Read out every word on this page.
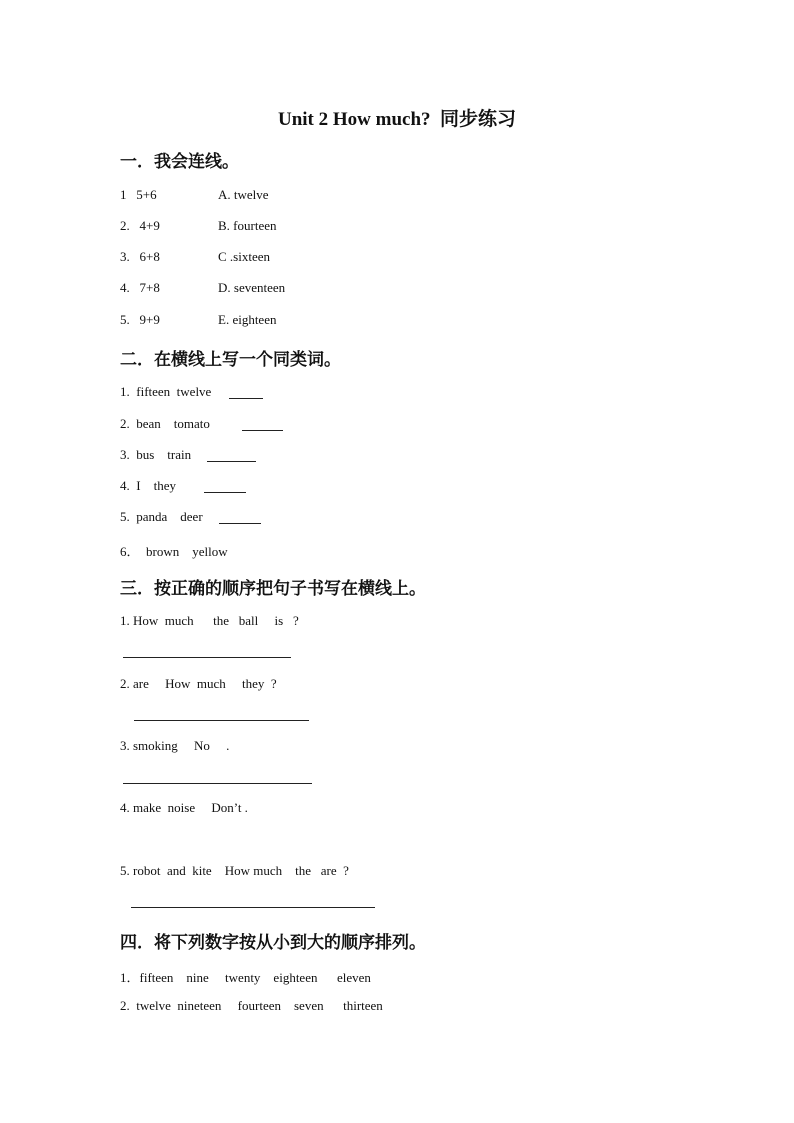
Unit 2 How much?  同步练习
一．我会连线。
1   5+6	A. twelve
2.   4+9	B. fourteen
3.   6+8	C .sixteen
4.   7+8	D. seventeen
5.   9+9	E. eighteen
二．在横线上写一个同类词。
1.  fifteen  twelve
2.  bean    tomato
3.  bus    train
4.  I    they
5.  panda    deer
6．  brown    yellow
三．按正确的顺序把句子书写在横线上。
1. How  much      the   ball     is   ?
2. are     How  much     they  ?
3. smoking     No     .
4. make  noise     Don’t .
5. robot  and  kite    How much    the   are  ?
四．将下列数字按从小到大的顺序排列。
1．fifteen    nine     twenty    eighteen      eleven
2.  twelve  nineteen     fourteen    seven      thirteen
